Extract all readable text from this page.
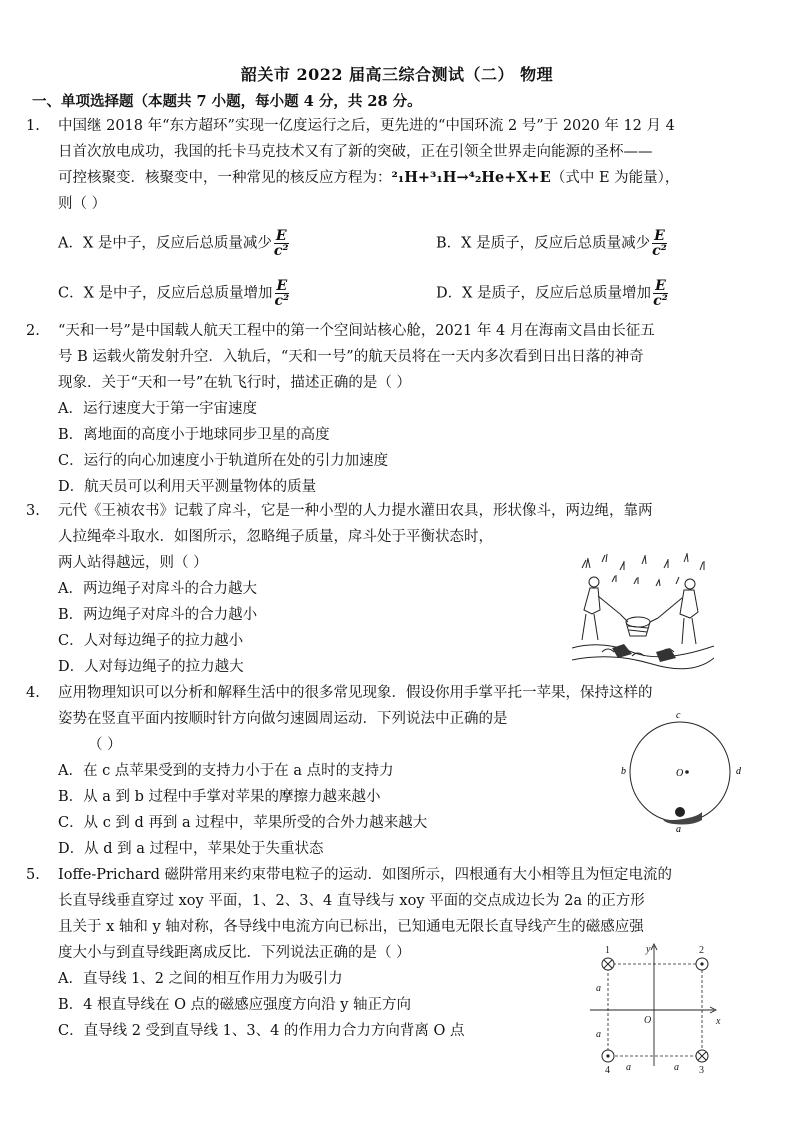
韶关市 2022 届高三综合测试（二） 物理
一、单项选择题（本题共 7 小题，每小题 4 分，共 28 分。
1.	中国继 2018 年“东方超环”实现一亿度运行之后，更先进的“中国环流 2 号”于 2020 年 12 月 4
日首次放电成功，我国的托卡马克技术又有了新的突破，正在引领全世界走向能源的圣杯——
可控核聚变．核聚变中，一种常见的核反应方程为：²₁H+³₁H→⁴₂He+X+E（式中 E 为能量），
则（ ）
A．X 是中子，反应后总质量减少 $\frac{E}{\text{c²}}$	B．X 是质子，反应后总质量减少 $\frac{E}{\text{c²}}$
C．X 是中子，反应后总质量增加 $\frac{E}{\text{c²}}$	D．X 是质子，反应后总质量增加 $\frac{E}{\text{c²}}$
2.	“天和一号”是中国载人航天工程中的第一个空间站核心舱，2021 年 4 月在海南文昌由长征五
号 B 运载火箭发射升空．入轨后，“天和一号”的航天员将在一天内多次看到日出日落的神奇
现象．关于“天和一号”在轨飞行时，描述正确的是（ ）
A．运行速度大于第一宇宙速度
B．离地面的高度小于地球同步卫星的高度
C．运行的向心加速度小于轨道所在处的引力加速度
D．航天员可以利用天平测量物体的质量
3.	元代《王祯农书》记载了戽斗，它是一种小型的人力提水灌田农具，形状像斗，两边绳，靠两
人拉绳牵斗取水．如图所示，忽略绳子质量，戽斗处于平衡状态时，
两人站得越远，则（ ）
A．两边绳子对戽斗的合力越大
B．两边绳子对戽斗的合力越小
C．人对每边绳子的拉力越小
D．人对每边绳子的拉力越大
4.	应用物理知识可以分析和解释生活中的很多常见现象．假设你用手掌平托一苹果，保持这样的
姿势在竖直平面内按顺时针方向做匀速圆周运动．下列说法中正确的是
（ ）
A．在 c 点苹果受到的支持力小于在 a 点时的支持力
B．从 a 到 b 过程中手掌对苹果的摩擦力越来越小
C．从 c 到 d 再到 a 过程中，苹果所受的合外力越来越大
D．从 d 到 a 过程中，苹果处于失重状态
O
c
b	d
a
5.	Ioffe-Prichard 磁阱常用来约束带电粒子的运动．如图所示，四根通有大小相等且为恒定电流的
长直导线垂直穿过 xoy 平面，1、2、3、4 直导线与 xoy 平面的交点成边长为 2a 的正方形
且关于 x 轴和 y 轴对称，各导线中电流方向已标出，已知通电无限长直导线产生的磁感应强
度大小与到直导线距离成反比．下列说法正确的是（ ）
A．直导线 1、2 之间的相互作用力为吸引力
B．4 根直导线在 O 点的磁感应强度方向沿 y 轴正方向
C．直导线 2 受到直导线 1、3、4 的作用力合力方向背离 O 点
y
x
O
1	2
3
4
a
a
a	a
